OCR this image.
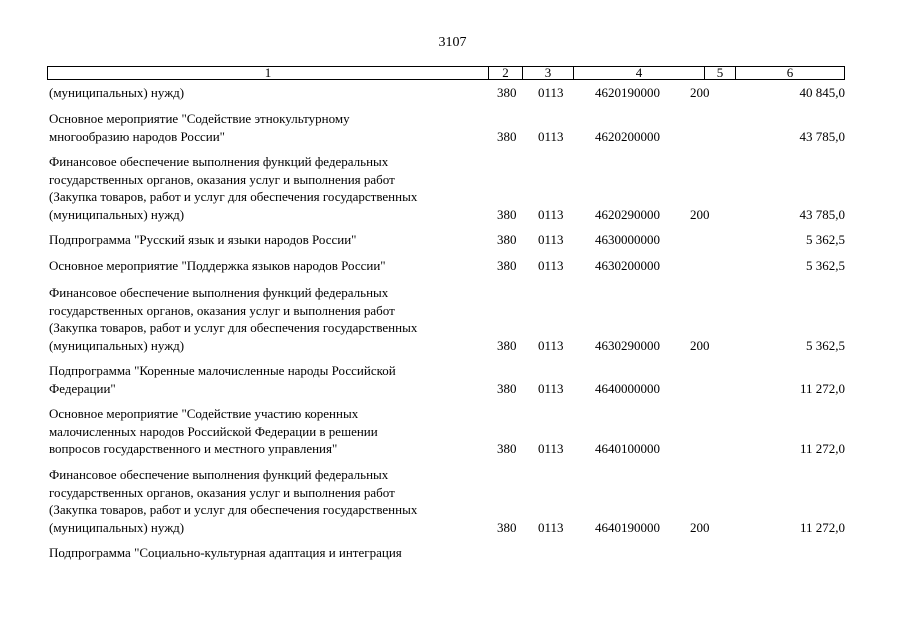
3107
1	2	3	4	5	6
(муниципальных) нужд)	380 0113 4620190000 200	40 845,0
Основное мероприятие "Содействие этнокультурному
многообразию народов России"	380 0113 4620200000	43 785,0
Финансовое обеспечение выполнения функций федеральных
государственных органов, оказания услуг и выполнения работ
(Закупка товаров, работ и услуг для обеспечения государственных
(муниципальных) нужд)	380 0113 4620290000 200	43 785,0
Подпрограмма "Русский язык и языки народов России"	380 0113 4630000000	5 362,5
Основное мероприятие "Поддержка языков народов России"	380 0113 4630200000	5 362,5
Финансовое обеспечение выполнения функций федеральных
государственных органов, оказания услуг и выполнения работ
(Закупка товаров, работ и услуг для обеспечения государственных
(муниципальных) нужд)	380 0113 4630290000 200	5 362,5
Подпрограмма "Коренные малочисленные народы Российской
Федерации"	380 0113 4640000000	11 272,0
Основное мероприятие "Содействие участию коренных
малочисленных народов Российской Федерации в решении
вопросов государственного и местного управления"	380 0113 4640100000	11 272,0
Финансовое обеспечение выполнения функций федеральных
государственных органов, оказания услуг и выполнения работ
(Закупка товаров, работ и услуг для обеспечения государственных
(муниципальных) нужд)	380 0113 4640190000 200	11 272,0
Подпрограмма "Социально-культурная адаптация и интеграция
